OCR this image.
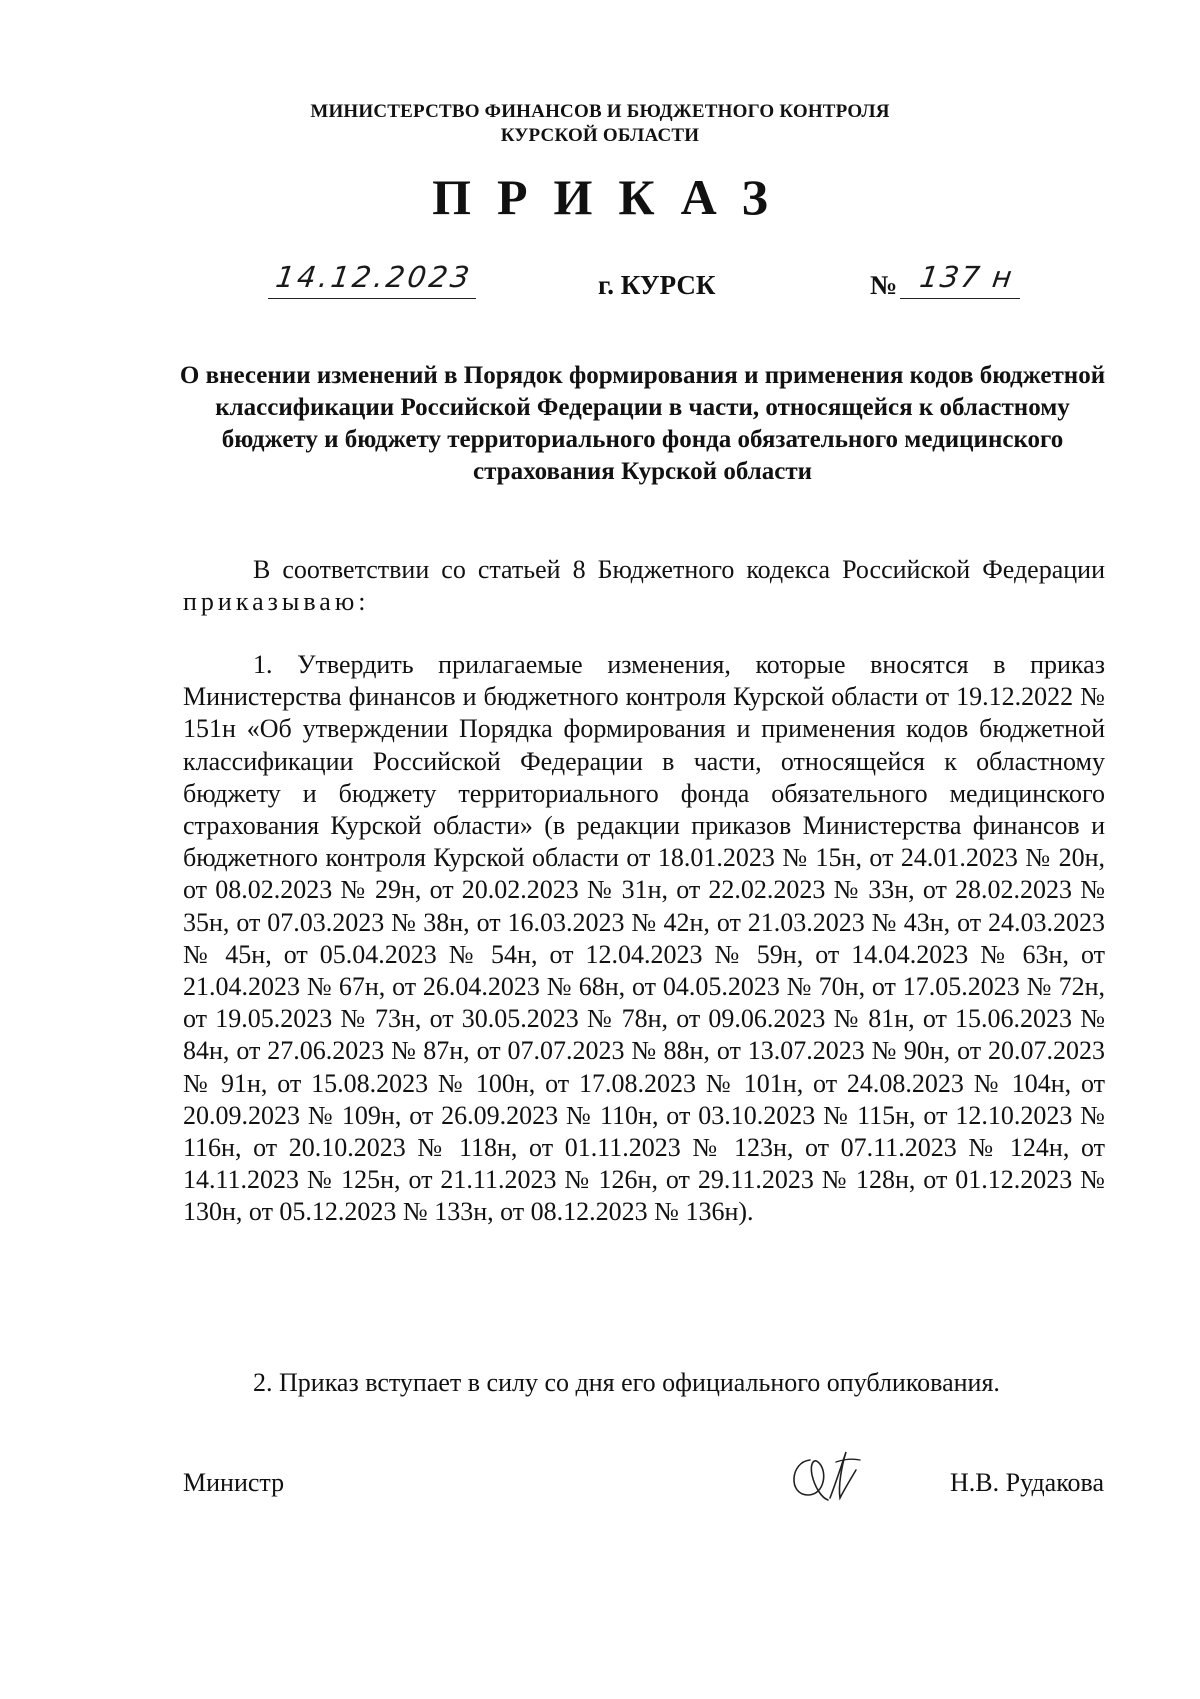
МИНИСТЕРСТВО ФИНАНСОВ И БЮДЖЕТНОГО КОНТРОЛЯ
КУРСКОЙ ОБЛАСТИ
ПРИКАЗ
14.12.2023	г. КУРСК	№ 137 н
О внесении изменений в Порядок формирования и применения кодов бюджетной классификации Российской Федерации в части, относящейся к областному бюджету и бюджету территориального фонда обязательного медицинского страхования Курской области
В соответствии со статьей 8 Бюджетного кодекса Российской Федерации приказываю:
1. Утвердить прилагаемые изменения, которые вносятся в приказ Министерства финансов и бюджетного контроля Курской области от 19.12.2022 № 151н «Об утверждении Порядка формирования и применения кодов бюджетной классификации Российской Федерации в части, относящейся к областному бюджету и бюджету территориального фонда обязательного медицинского страхования Курской области» (в редакции приказов Министерства финансов и бюджетного контроля Курской области от 18.01.2023 № 15н, от 24.01.2023 № 20н, от 08.02.2023 № 29н, от 20.02.2023 № 31н, от 22.02.2023 № 33н, от 28.02.2023 № 35н, от 07.03.2023 № 38н, от 16.03.2023 № 42н, от 21.03.2023 № 43н, от 24.03.2023 № 45н, от 05.04.2023 № 54н, от 12.04.2023 № 59н, от 14.04.2023 № 63н, от 21.04.2023 № 67н, от 26.04.2023 № 68н, от 04.05.2023 № 70н, от 17.05.2023 № 72н, от 19.05.2023 № 73н, от 30.05.2023 № 78н, от 09.06.2023 № 81н, от 15.06.2023 № 84н, от 27.06.2023 № 87н, от 07.07.2023 № 88н, от 13.07.2023 № 90н, от 20.07.2023 № 91н, от 15.08.2023 № 100н, от 17.08.2023 № 101н, от 24.08.2023 № 104н, от 20.09.2023 № 109н, от 26.09.2023 № 110н, от 03.10.2023 № 115н, от 12.10.2023 № 116н, от 20.10.2023 № 118н, от 01.11.2023 № 123н, от 07.11.2023 № 124н, от 14.11.2023 № 125н, от 21.11.2023 № 126н, от 29.11.2023 № 128н, от 01.12.2023 № 130н, от 05.12.2023 № 133н, от 08.12.2023 № 136н).
2. Приказ вступает в силу со дня его официального опубликования.
Министр	Н.В. Рудакова
